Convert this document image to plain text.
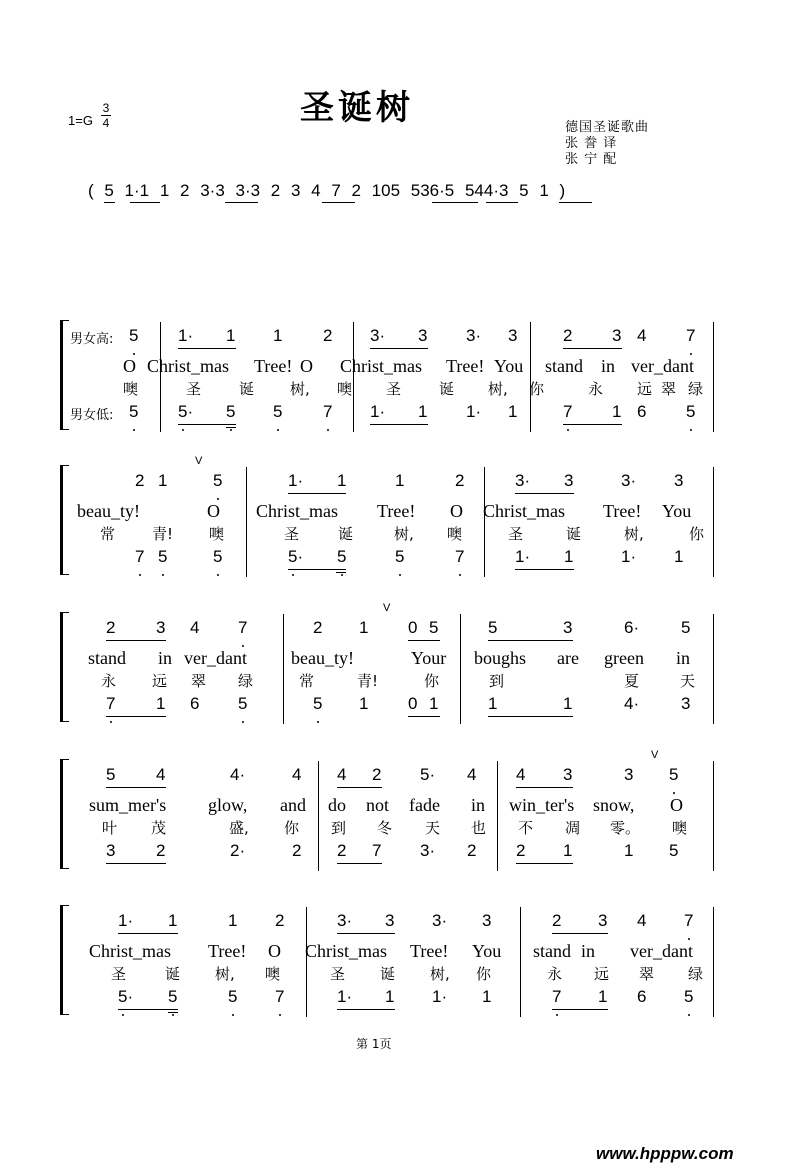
圣诞树
1=G
3
4	德国圣诞歌曲
张 誊 译
张 宁 配
( 5 1·1 1 2 3·3 3·3 2 3 4 7 2 105 536·5 544·3 5 1 )
男女高:
男女低:
5 1· 1 1 2 3· 3 3· 3	2 3 4 7
O Christ_mas Tree! O Christ_mas Tree! You stand in ver_dant
噢	圣	诞 树, 噢 圣	诞 树, 你	永 远 翠 绿
5 5· 5 5 7 1· 1 1· 1	7 1 6 5
2 1	5	1· 1	1	2	3· 3	3· 3
beau_ty!	O Christ_mas Tree! O Christ_mas Tree! You
常 青! 噢	圣	诞	树, 噢	圣	诞	树,	你
7 5	5	5· 5	5	7	1· 1	1· 1
V
2 3 4 7	2 1 0 5	5	3	6· 5
stand in ver_dant beau_ty!	Your boughs are green in
永 远 翠 绿	常	青!	你	到	夏	天
7 1 6 5	5 1 0 1	1	1	4· 3
V
5 4	4·	4 4 2 5· 4 4 3	3 5
sum_mer's glow, and do not fade in win_ter's snow, O
叶 茂	盛, 你 到 冬 天 也 不 凋 零。 噢
3 2	2·	2 2 7 3· 2 2 1	1 5
V
1· 1	1 2	3· 3 3· 3	2 3 4 7
Christ_mas Tree! O Christ_mas Tree! You stand in ver_dant
圣	诞 树, 噢	圣 诞 树, 你	永 远 翠 绿
5· 5	5 7	1· 1 1· 1	7 1 6 5
第 1页
www.hpppw.com
